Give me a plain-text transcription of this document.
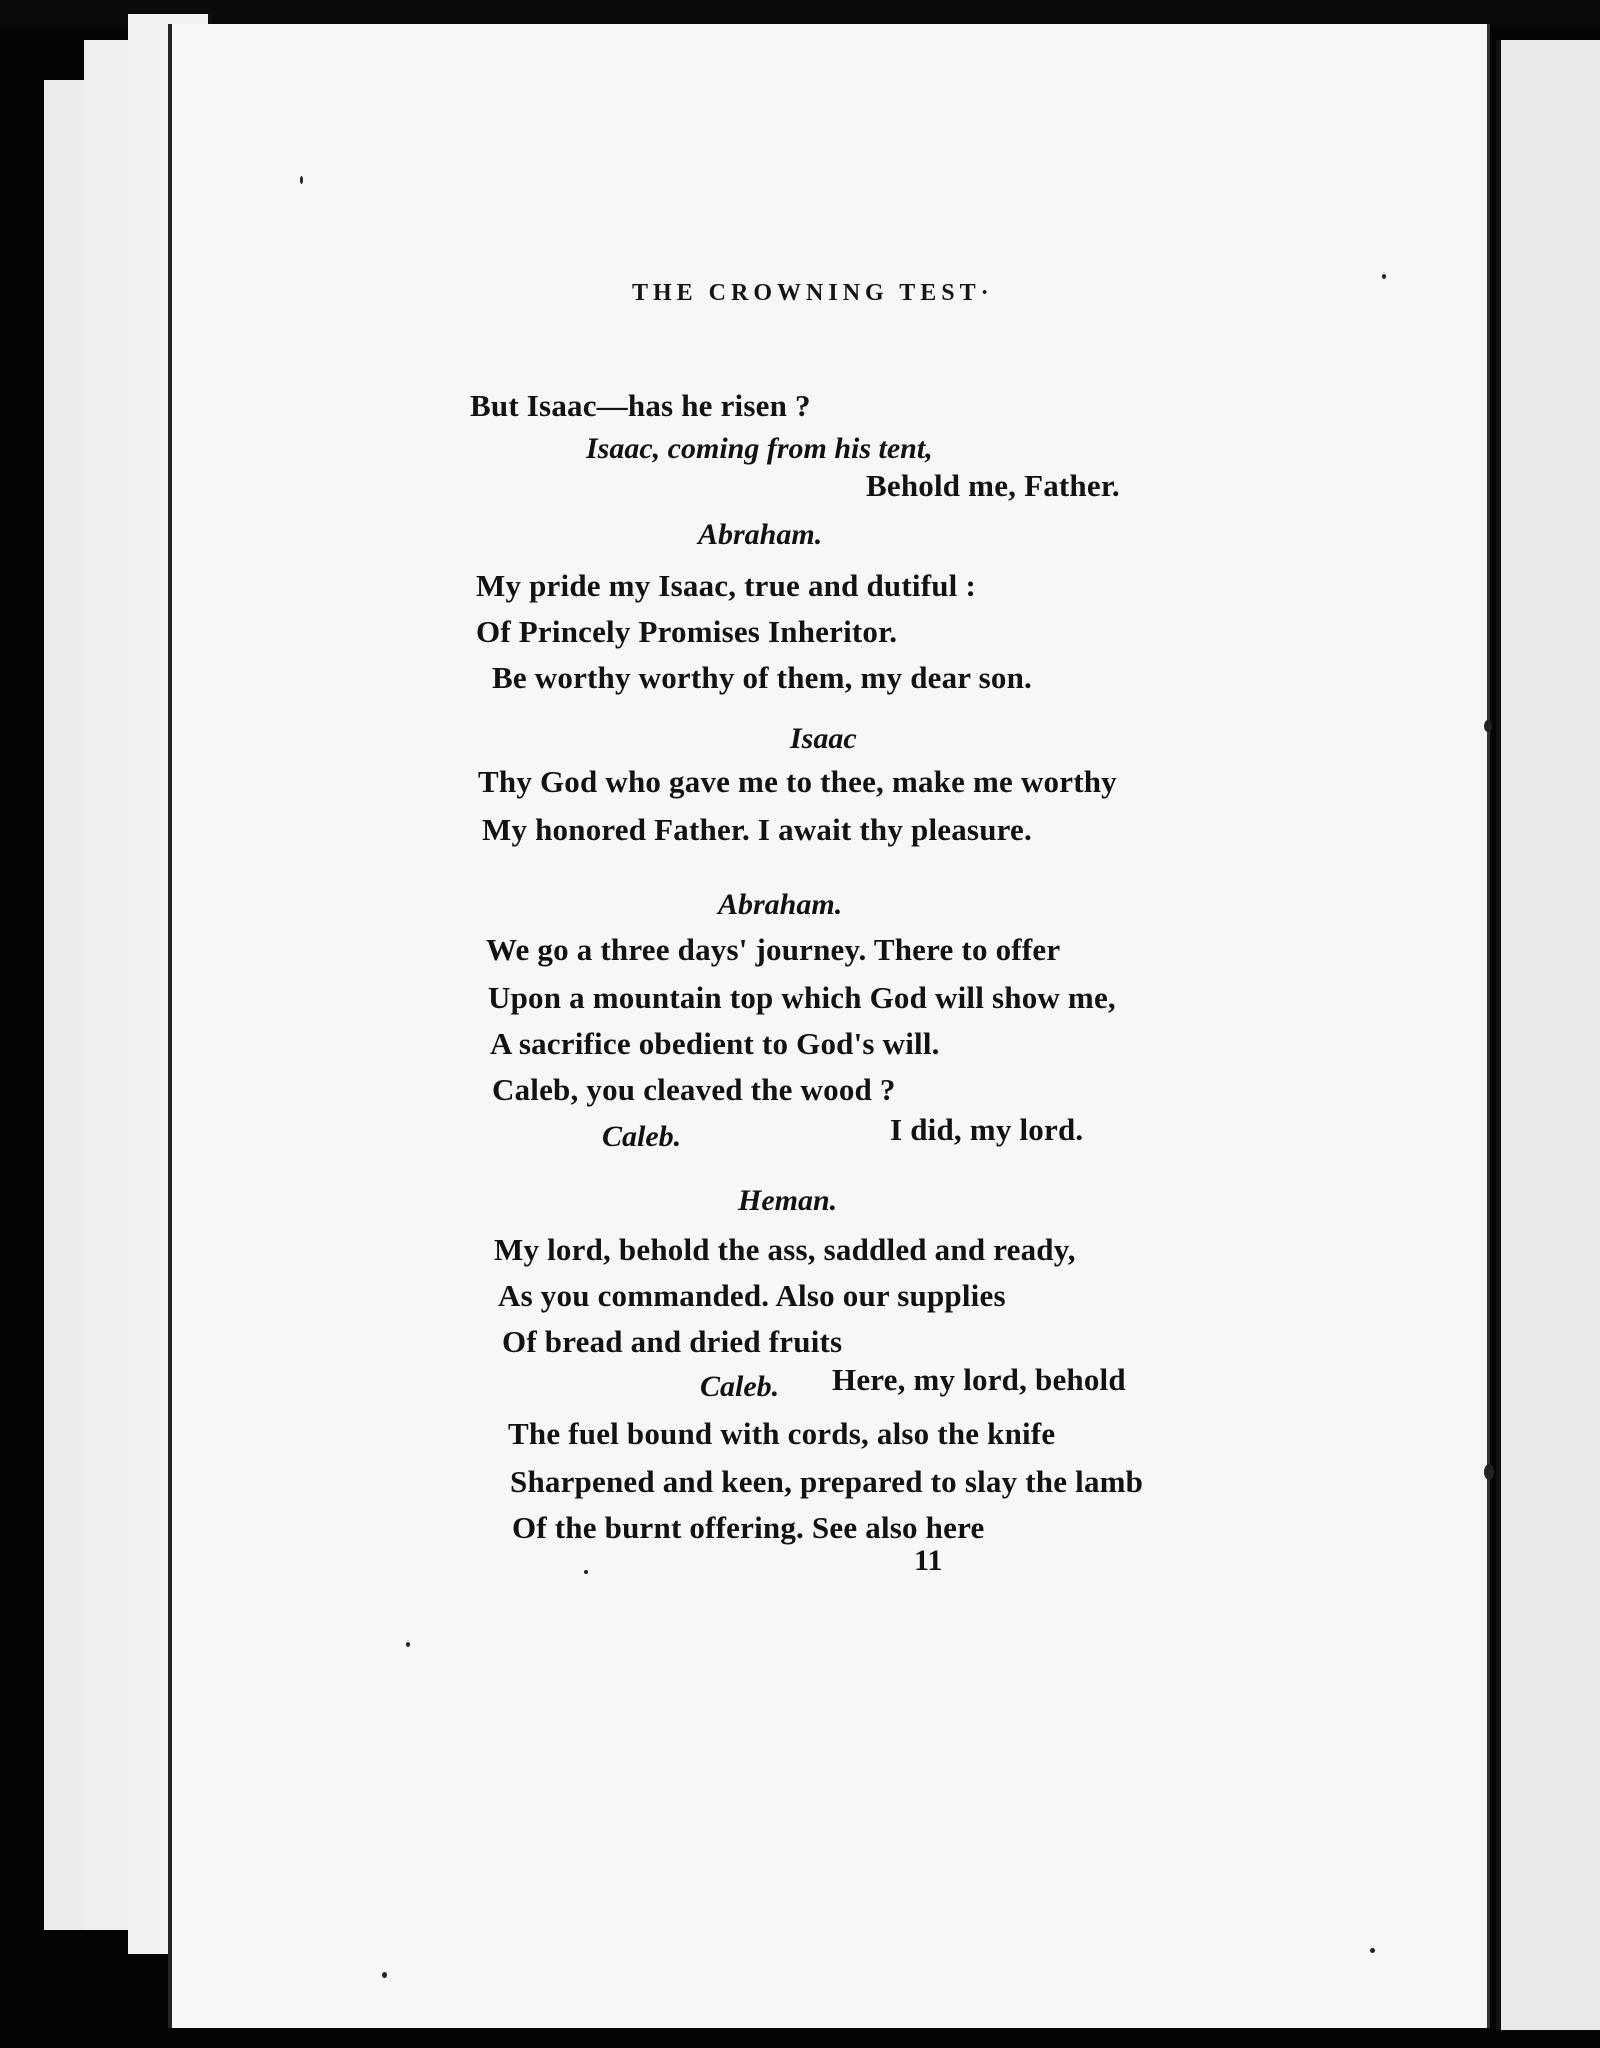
THE CROWNING TEST·
But Isaac—has he risen ?
Isaac, coming from his tent,
Behold me, Father.
Abraham.
My pride my Isaac, true and dutiful :
Of Princely Promises Inheritor.
Be worthy worthy of them, my dear son.
Isaac
Thy God who gave me to thee, make me worthy
My honored Father. I await thy pleasure.
Abraham.
We go a three days' journey. There to offer
Upon a mountain top which God will show me,
A sacrifice obedient to God's will.
Caleb, you cleaved the wood ?
Caleb.	I did, my lord.
Heman.
My lord, behold the ass, saddled and ready,
As you commanded. Also our supplies
Of bread and dried fruits
Caleb. Here, my lord, behold
The fuel bound with cords, also the knife
Sharpened and keen, prepared to slay the lamb
Of the burnt offering. See also here
11
